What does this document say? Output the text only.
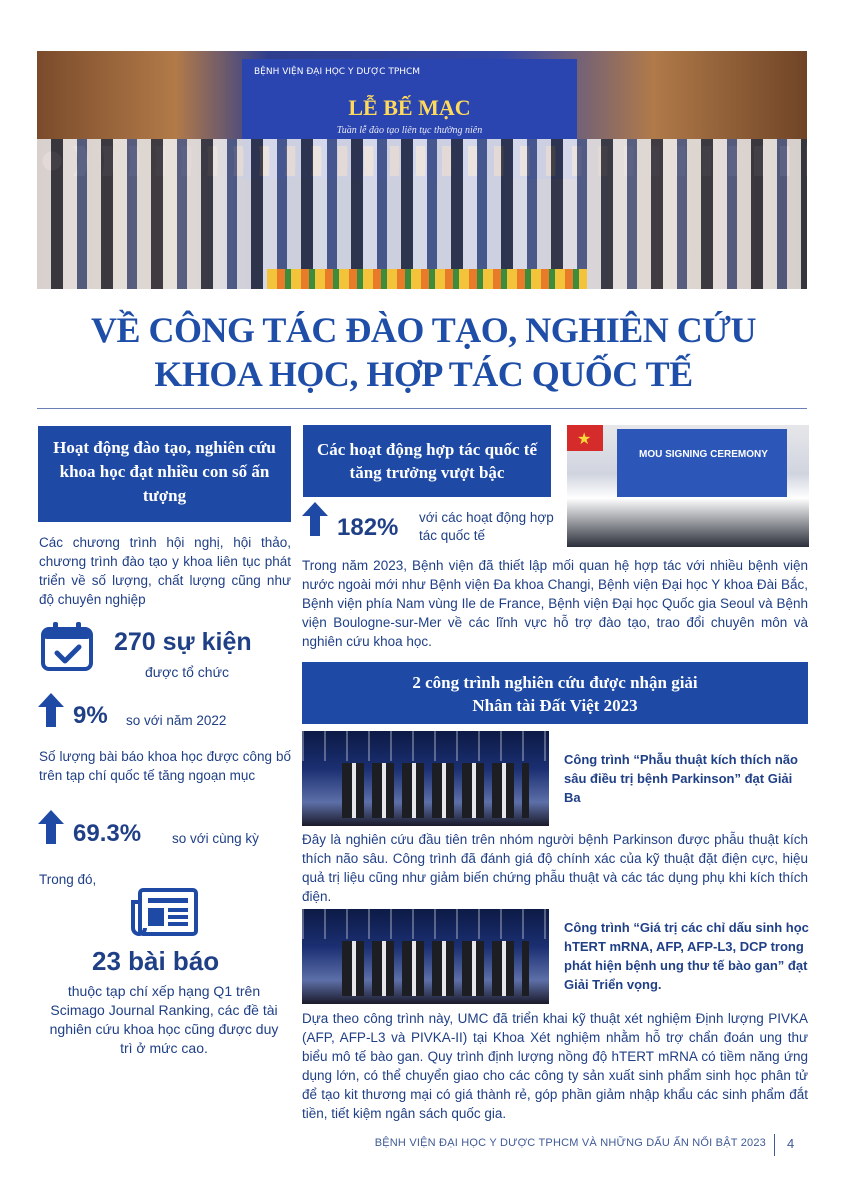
BỆNH VIỆN ĐẠI HỌC Y DƯỢC TPHCM
LỄ BẾ MẠC
Tuần lễ đào tạo liên tục thường niên
VỀ CÔNG TÁC ĐÀO TẠO, NGHIÊN CỨU
KHOA HỌC, HỢP TÁC QUỐC TẾ
Hoạt động đào tạo, nghiên cứu khoa học đạt nhiều con số ấn tượng
Các chương trình hội nghị, hội thảo, chương trình đào tạo y khoa liên tục phát triển về số lượng, chất lượng cũng như độ chuyên nghiệp
270 sự kiện
được tổ chức
9% so với năm 2022
Số lượng bài báo khoa học được công bố trên tạp chí quốc tế tăng ngoạn mục
69.3% so với cùng kỳ
Trong đó,
23 bài báo
thuộc tạp chí xếp hạng Q1 trên Scimago Journal Ranking, các đề tài nghiên cứu khoa học cũng được duy trì ở mức cao.
Các hoạt động hợp tác quốc tế tăng trưởng vượt bậc
182% với các hoạt động hợp tác quốc tế
★
MOU SIGNING CEREMONY
Trong năm 2023, Bệnh viện đã thiết lập mối quan hệ hợp tác với nhiều bệnh viện nước ngoài mới như Bệnh viện Đa khoa Changi, Bệnh viện Đại học Y khoa Đài Bắc, Bệnh viện phía Nam vùng Ile de France, Bệnh viện Đại học Quốc gia Seoul và Bệnh viện Boulogne-sur-Mer về các lĩnh vực hỗ trợ đào tạo, trao đổi chuyên môn và nghiên cứu khoa học.
2 công trình nghiên cứu được nhận giải
Nhân tài Đất Việt 2023
Công trình “Phẫu thuật kích thích não sâu điều trị bệnh Parkinson” đạt Giải Ba
Đây là nghiên cứu đầu tiên trên nhóm người bệnh Parkinson được phẫu thuật kích thích não sâu. Công trình đã đánh giá độ chính xác của kỹ thuật đặt điện cực, hiệu quả trị liệu cũng như giảm biến chứng phẫu thuật và các tác dụng phụ khi kích thích điện.
Công trình “Giá trị các chỉ dấu sinh học hTERT mRNA, AFP, AFP-L3, DCP trong phát hiện bệnh ung thư tế bào gan” đạt Giải Triển vọng.
Dựa theo công trình này, UMC đã triển khai kỹ thuật xét nghiệm Định lượng PIVKA (AFP, AFP-L3 và PIVKA-II) tại Khoa Xét nghiệm nhằm hỗ trợ chẩn đoán ung thư biểu mô tế bào gan. Quy trình định lượng nồng độ hTERT mRNA có tiềm năng ứng dụng lớn, có thể chuyển giao cho các công ty sản xuất sinh phẩm sinh học phân tử để tạo kit thương mại có giá thành rẻ, góp phần giảm nhập khẩu các sinh phẩm đắt tiền, tiết kiệm ngân sách quốc gia.
BỆNH VIỆN ĐẠI HỌC Y DƯỢC TPHCM VÀ NHỮNG DẤU ẤN NỔI BẬT 2023 4
